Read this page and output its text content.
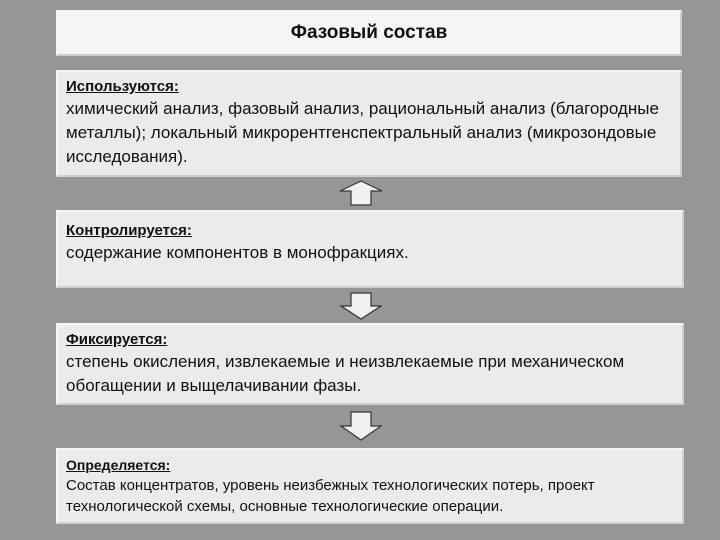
Фазовый состав
Используются:
химический анализ, фазовый анализ, рациональный анализ (благородные металлы); локальный микрорентгенспектральный анализ (микрозондовые исследования).
Контролируется:
содержание компонентов в монофракциях.
Фиксируется:
степень окисления, извлекаемые и неизвлекаемые при механическом обогащении и выщелачивании фазы.
Определяется:
Состав концентратов, уровень неизбежных технологических потерь, проект технологической схемы, основные технологические операции.
